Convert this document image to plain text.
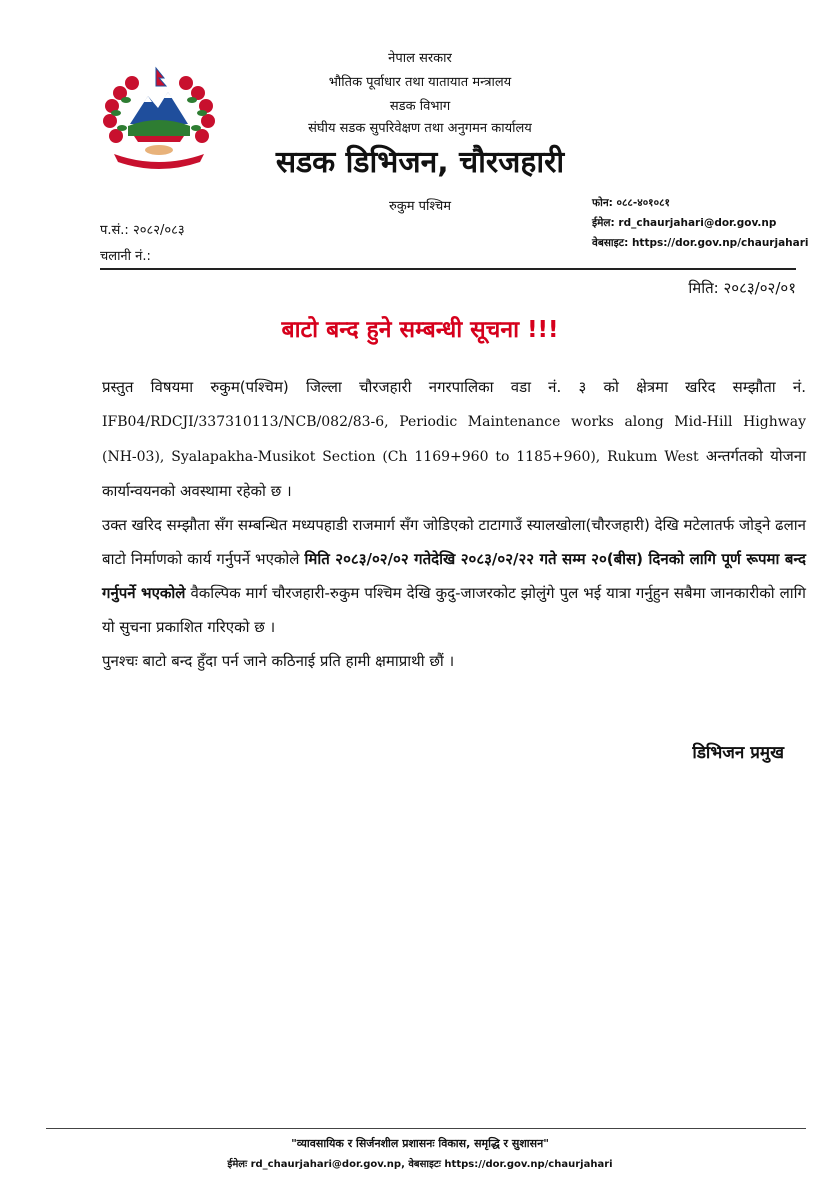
नेपाल सरकार
भौतिक पूर्वाधार तथा यातायात मन्त्रालय
सडक विभाग
संघीय सडक सुपरिवेक्षण तथा अनुगमन कार्यालय
सडक डिभिजन, चौरजहारी
रुकुम पश्चिम	फोन: ०८८-४०१०८१
ईमेल: rd_chaurjahari@dor.gov.np
वेबसाइट: https://dor.gov.np/chaurjahari
प.सं.: २०८२/०८३
चलानी नं.:
मिति: २०८३/०२/०१
बाटो बन्द हुने सम्बन्धी सूचना !!!

प्रस्तुत विषयमा रुकुम(पश्चिम) जिल्ला चौरजहारी नगरपालिका वडा नं. ३ को क्षेत्रमा खरिद सम्झौता नं. IFB04/RDCJI/337310113/NCB/082/83-6, Periodic Maintenance works along Mid-Hill Highway (NH-03), Syalapakha-Musikot Section (Ch 1169+960 to 1185+960), Rukum West अन्तर्गतको योजना कार्यान्वयनको अवस्थामा रहेको छ ।

उक्त खरिद सम्झौता सँग सम्बन्धित मध्यपहाडी राजमार्ग सँग जोडिएको टाटागाउँ स्यालखोला(चौरजहारी) देखि मटेलातर्फ जोड्ने ढलान बाटो निर्माणको कार्य गर्नुपर्ने भएकोले मिति २०८३/०२/०२ गतेदेखि २०८३/०२/२२ गते सम्म २०(बीस) दिनको लागि पूर्ण रूपमा बन्द गर्नुपर्ने भएकोले वैकल्पिक मार्ग चौरजहारी-रुकुम पश्चिम देखि कुदु-जाजरकोट झोलुंगे पुल भई यात्रा गर्नुहुन सबैमा जानकारीको लागि यो सुचना प्रकाशित गरिएको छ ।

पुनश्चः बाटो बन्द हुँदा पर्न जाने कठिनाई प्रति हामी क्षमाप्राथी छौं ।

डिभिजन प्रमुख
"व्यावसायिक र सिर्जनशील प्रशासनः विकास, समृद्धि र सुशासन"
ईमेलः rd_chaurjahari@dor.gov.np, वेबसाइटः https://dor.gov.np/chaurjahari
